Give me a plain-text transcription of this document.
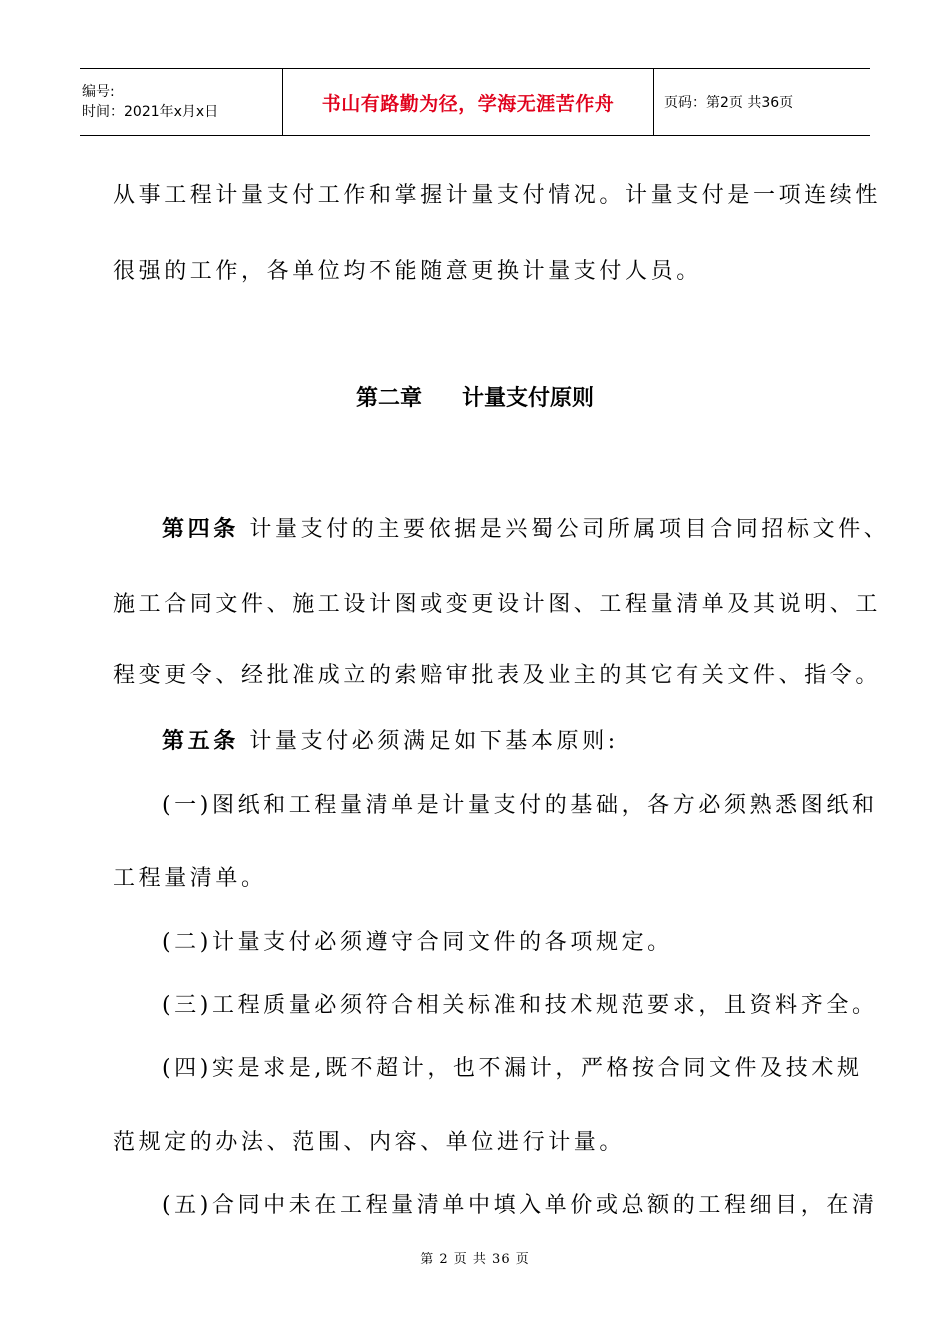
编号:
时间：2021年x月x日	书山有路勤为径，学海无涯苦作舟	页码：第2页 共36页
从事工程计量支付工作和掌握计量支付情况。计量支付是一项连续性
很强的工作，各单位均不能随意更换计量支付人员。
第二章 计量支付原则
第四条 计量支付的主要依据是兴蜀公司所属项目合同招标文件、
施工合同文件、施工设计图或变更设计图、工程量清单及其说明、工
程变更令、经批准成立的索赔审批表及业主的其它有关文件、指令。
第五条 计量支付必须满足如下基本原则:
(一)图纸和工程量清单是计量支付的基础，各方必须熟悉图纸和
工程量清单。
(二)计量支付必须遵守合同文件的各项规定。
(三)工程质量必须符合相关标准和技术规范要求，且资料齐全。
(四)实是求是,既不超计，也不漏计，严格按合同文件及技术规
范规定的办法、范围、内容、单位进行计量。
(五)合同中未在工程量清单中填入单价或总额的工程细目，在清
第 2 页 共 36 页
